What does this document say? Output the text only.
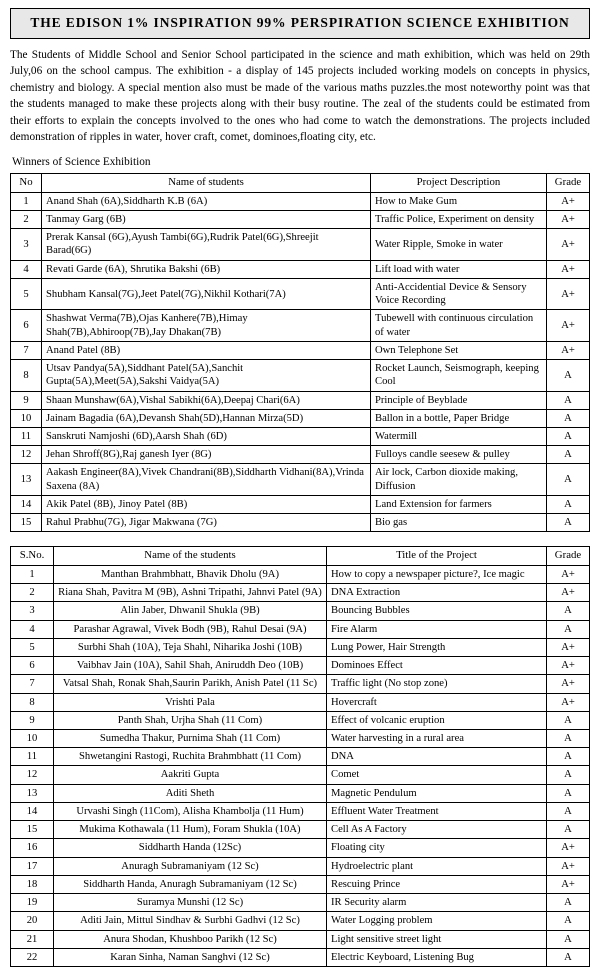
THE EDISON 1% INSPIRATION 99% PERSPIRATION SCIENCE EXHIBITION

The Students of Middle School and Senior School participated in the science and math exhibition, which was held on 29th July,06 on the school campus. The exhibition - a display of 145 projects included working models on concepts in physics, chemistry and biology. A special mention also must be made of the various maths puzzles.the most noteworthy point was that the students managed to make these projects along with their busy routine. The zeal of the students could be estimated from their efforts to explain the concepts involved to the ones who had come to watch the demonstrations. The projects included demonstration of ripples in water, hover craft, comet, dominoes,floating city, etc.

Winners of Science Exhibition
No	Name of students	Project Description	Grade
1	Anand Shah (6A),Siddharth K.B (6A)	How to Make Gum	A+
2	Tanmay Garg (6B)	Traffic Police, Experiment on density	A+
3	Prerak Kansal (6G),Ayush Tambi(6G),Rudrik Patel(6G),Shreejit Barad(6G)	Water Ripple, Smoke in water	A+
4	Revati Garde (6A), Shrutika Bakshi (6B)	Lift load with water	A+
5	Shubham Kansal(7G),Jeet Patel(7G),Nikhil Kothari(7A)	Anti-Accidential Device & Sensory Voice Recording	A+
6	Shashwat Verma(7B),Ojas Kanhere(7B),Himay Shah(7B),Abhiroop(7B),Jay Dhakan(7B)	Tubewell with continuous circulation of water	A+
7	Anand Patel (8B)	Own Telephone Set	A+
8	Utsav Pandya(5A),Siddhant Patel(5A),Sanchit Gupta(5A),Meet(5A),Sakshi Vaidya(5A)	Rocket Launch, Seismograph, keeping Cool	A
9	Shaan Munshaw(6A),Vishal Sabikhi(6A),Deepaj Chari(6A)	Principle of Beyblade	A
10	Jainam Bagadia (6A),Devansh Shah(5D),Hannan Mirza(5D)	Ballon in a bottle, Paper Bridge	A
11	Sanskruti Namjoshi (6D),Aarsh Shah (6D)	Watermill	A
12	Jehan Shroff(8G),Raj ganesh Iyer (8G)	Fulloys candle seesew & pulley	A
13	Aakash Engineer(8A),Vivek Chandrani(8B),Siddharth Vidhani(8A),Vrinda Saxena (8A)	Air lock, Carbon dioxide making, Diffusion	A
14	Akik Patel (8B), Jinoy Patel (8B)	Land Extension for farmers	A
15	Rahul Prabhu(7G), Jigar Makwana (7G)	Bio gas	A
S.No.	Name of the students	Title of the Project	Grade
1	Manthan Brahmbhatt, Bhavik Dholu (9A)	How to copy a newspaper picture?, Ice magic	A+
2	Riana Shah, Pavitra M (9B), Ashni Tripathi, Jahnvi Patel (9A)	DNA Extraction	A+
3	Alin Jaber, Dhwanil Shukla (9B)	Bouncing Bubbles	A
4	Parashar Agrawal, Vivek Bodh (9B), Rahul Desai (9A)	Fire Alarm	A
5	Surbhi Shah (10A), Teja Shahl, Niharika Joshi (10B)	Lung Power, Hair Strength	A+
6	Vaibhav Jain (10A), Sahil Shah, Aniruddh Deo (10B)	Dominoes Effect	A+
7	Vatsal Shah, Ronak Shah,Saurin Parikh, Anish Patel (11 Sc)	Traffic light (No stop zone)	A+
8	Vrishti Pala	Hovercraft	A+
9	Panth Shah, Urjha Shah (11 Com)	Effect of volcanic eruption	A
10	Sumedha Thakur, Purnima Shah (11 Com)	Water harvesting in a rural area	A
11	Shwetangini Rastogi, Ruchita Brahmbhatt (11 Com)	DNA	A
12	Aakriti Gupta	Comet	A
13	Aditi Sheth	Magnetic Pendulum	A
14	Urvashi Singh (11Com), Alisha Khambolja (11 Hum)	Effluent Water Treatment	A
15	Mukima Kothawala (11 Hum), Foram Shukla (10A)	Cell As A Factory	A
16	Siddharth Handa (12Sc)	Floating city	A+
17	Anuragh Subramaniyam (12 Sc)	Hydroelectric plant	A+
18	Siddharth Handa, Anuragh Subramaniyam (12 Sc)	Rescuing Prince	A+
19	Suramya Munshi (12 Sc)	IR Security alarm	A
20	Aditi Jain, Mittul Sindhav & Surbhi Gadhvi (12 Sc)	Water Logging problem	A
21	Anura Shodan, Khushboo Parikh (12 Sc)	Light sensitive street light	A
22	Karan Sinha, Naman Sanghvi (12 Sc)	Electric Keyboard, Listening Bug	A
